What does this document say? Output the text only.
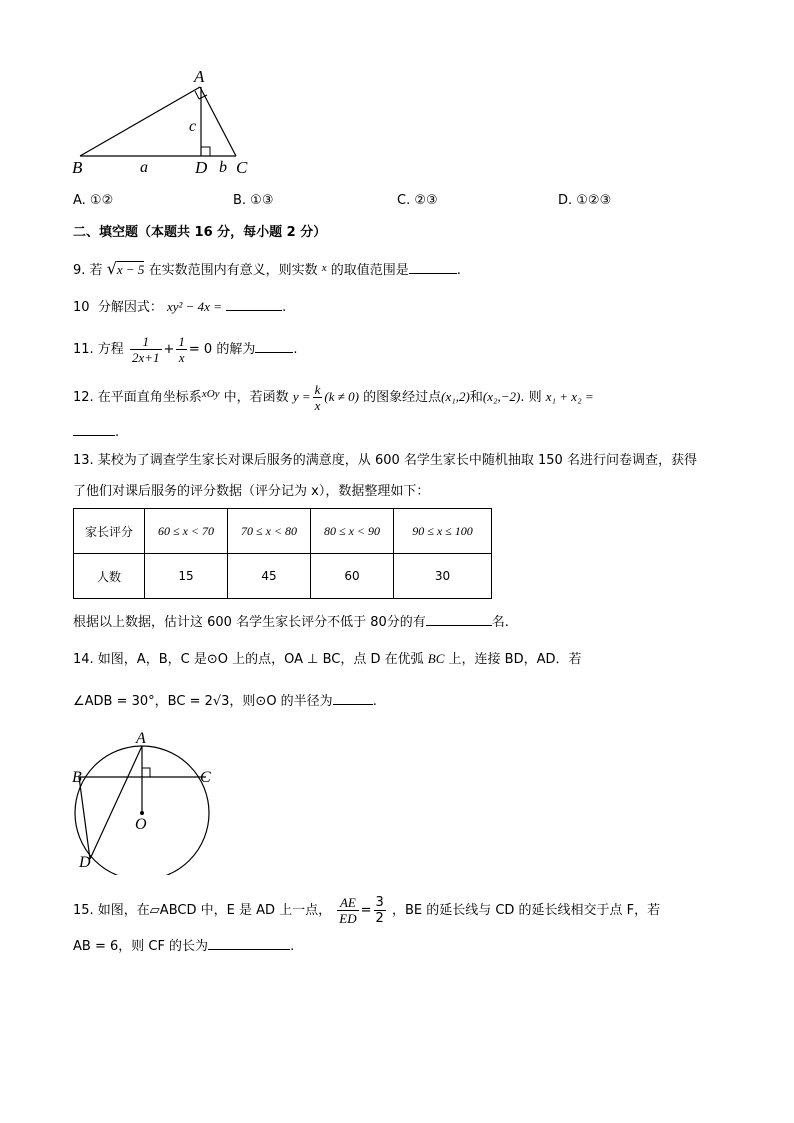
A
B	C
D
a	b
c
A. ①②	B. ①③	C. ②③	D. ①②③
二、填空题（本题共 16 分，每小题 2 分）
9. 若 √x − 5 在实数范围内有意义，则实数 $^x$ 的取值范围是	.
10 分解因式： xy² − 4x =	.
11. 方程 $\frac{1}{2x+1} + \frac{1}{x} = 0$ 的解为	.
12. 在平面直角坐标系$^{xOy}$ 中，若函数 $y = \frac{k}{x} (k \ne 0)$ 的图象经过点(x₁,2)和(x₂,−2). 则 x₁ + x₂ =
.
13. 某校为了调查学生家长对课后服务的满意度，从 600 名学生家长中随机抽取 150 名进行问卷调查，获得
了他们对课后服务的评分数据（评分记为 x），数据整理如下：
家长评分	60 ≤ x < 70	70 ≤ x < 80	80 ≤ x < 90	90 ≤ x ≤ 100
人数	15	45	60	30
根据以上数据，估计这 600 名学生家长评分不低于 80分的有	名.
14. 如图，A，B，C 是⊙O 上的点，OA ⊥ BC，点 D 在优弧 BC 上，连接 BD，AD．若
∠ADB = 30°，BC = 2√3，则⊙O 的半径为	.
A
B	C
O
D
15. 如图，在▱ABCD 中，E 是 AD 上一点， $\frac{AE}{ED} = \frac{3}{2}$ ，BE 的延长线与 CD 的延长线相交于点 F，若
AB = 6，则 CF 的长为	.
